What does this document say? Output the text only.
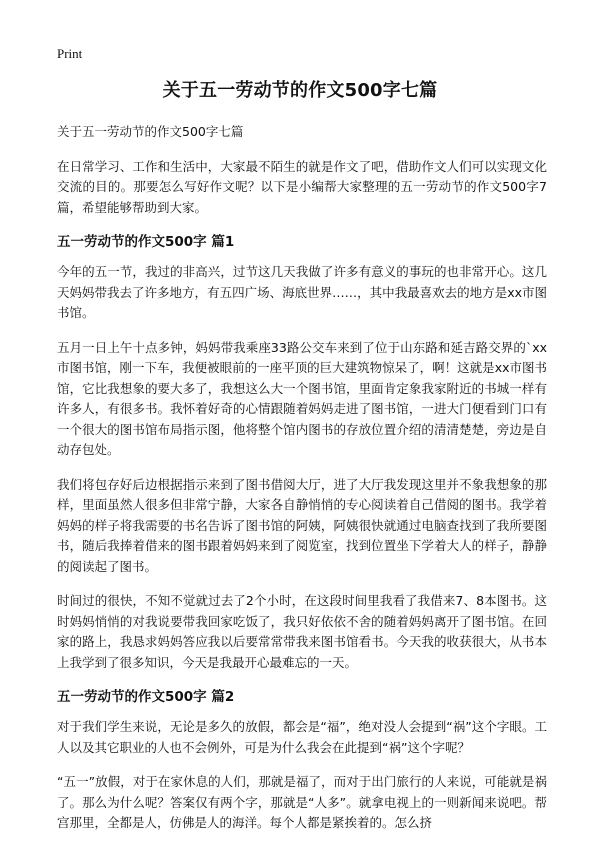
Print
关于五一劳动节的作文500字七篇

关于五一劳动节的作文500字七篇

在日常学习、工作和生活中，大家最不陌生的就是作文了吧，借助作文人们可以实现文化交流的目的。那要怎么写好作文呢？以下是小编帮大家整理的五一劳动节的作文500字7篇，希望能够帮助到大家。

五一劳动节的作文500字 篇1

今年的五一节，我过的非高兴，过节这几天我做了许多有意义的事玩的也非常开心。这几天妈妈带我去了许多地方，有五四广场、海底世界……，其中我最喜欢去的地方是xx市图书馆。

五月一日上午十点多钟，妈妈带我乘座33路公交车来到了位于山东路和延吉路交界的`xx市图书馆，刚一下车，我便被眼前的一座平顶的巨大建筑物惊呆了，啊！这就是xx市图书馆，它比我想象的要大多了，我想这么大一个图书馆，里面肯定象我家附近的书城一样有许多人，有很多书。我怀着好奇的心情跟随着妈妈走进了图书馆，一进大门便看到门口有一个很大的图书馆布局指示图，他将整个馆内图书的存放位置介绍的清清楚楚，旁边是自动存包处。

我们将包存好后边根据指示来到了图书借阅大厅，进了大厅我发现这里并不象我想象的那样，里面虽然人很多但非常宁静，大家各自静悄悄的专心阅读着自己借阅的图书。我学着妈妈的样子将我需要的书名告诉了图书馆的阿姨，阿姨很快就通过电脑查找到了我所要图书，随后我捧着借来的图书跟着妈妈来到了阅览室，找到位置坐下学着大人的样子，静静的阅读起了图书。

时间过的很快，不知不觉就过去了2个小时，在这段时间里我看了我借来7、8本图书。这时妈妈悄悄的对我说要带我回家吃饭了，我只好依依不舍的随着妈妈离开了图书馆。在回家的路上，我恳求妈妈答应我以后要常常带我来图书馆看书。今天我的收获很大，从书本上我学到了很多知识，今天是我最开心最难忘的一天。

五一劳动节的作文500字 篇2

对于我们学生来说，无论是多久的放假，都会是“福”，绝对没人会提到“祸”这个字眼。工人以及其它职业的人也不会例外，可是为什么我会在此提到“祸”这个字呢？

“五一”放假，对于在家休息的人们，那就是福了，而对于出门旅行的人来说，可能就是祸了。那么为什么呢？答案仅有两个字，那就是“人多”。就拿电视上的一则新闻来说吧。帮宫那里，全都是人，仿佛是人的海洋。每个人都是紧挨着的。怎么挤
